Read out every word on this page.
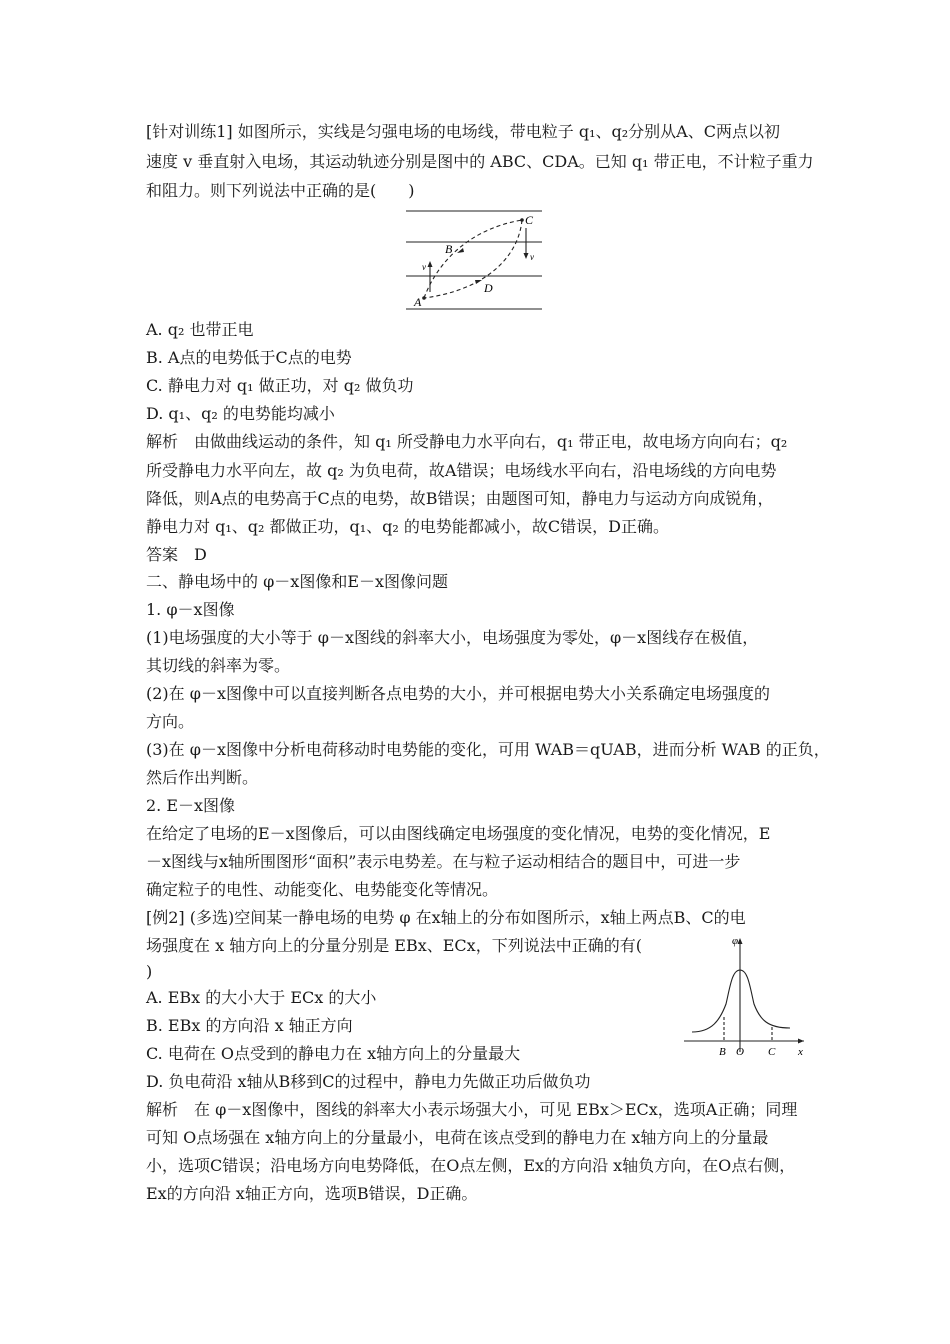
[针对训练1] 如图所示，实线是匀强电场的电场线，带电粒子 q₁、q₂分别从A、C两点以初
速度 v 垂直射入电场，其运动轨迹分别是图中的 ABC、CDA。已知 q₁ 带正电，不计粒子重力
和阻力。则下列说法中正确的是(　　)
C
B
v
v
A
D
A. q₂ 也带正电
B. A点的电势低于C点的电势
C. 静电力对 q₁ 做正功，对 q₂ 做负功
D. q₁、q₂ 的电势能均减小
解析　由做曲线运动的条件，知 q₁ 所受静电力水平向右，q₁ 带正电，故电场方向向右；q₂
所受静电力水平向左，故 q₂ 为负电荷，故A错误；电场线水平向右，沿电场线的方向电势
降低，则A点的电势高于C点的电势，故B错误；由题图可知，静电力与运动方向成锐角，
静电力对 q₁、q₂ 都做正功，q₁、q₂ 的电势能都减小，故C错误，D正确。
答案　D
二、静电场中的 φ－x图像和E－x图像问题
1. φ－x图像
(1)电场强度的大小等于 φ－x图线的斜率大小，电场强度为零处，φ－x图线存在极值，
其切线的斜率为零。
(2)在 φ－x图像中可以直接判断各点电势的大小，并可根据电势大小关系确定电场强度的
方向。
(3)在 φ－x图像中分析电荷移动时电势能的变化，可用 WAB＝qUAB，进而分析 WAB 的正负，
然后作出判断。
2. E－x图像
在给定了电场的E－x图像后，可以由图线确定电场强度的变化情况，电势的变化情况，E
－x图线与x轴所围图形“面积”表示电势差。在与粒子运动相结合的题目中，可进一步
确定粒子的电性、动能变化、电势能变化等情况。
[例2] (多选)空间某一静电场的电势 φ 在x轴上的分布如图所示，x轴上两点B、C的电
场强度在 x 轴方向上的分量分别是 EBx、ECx，下列说法中正确的有(
)
φ
B O C x
A. EBx 的大小大于 ECx 的大小
B. EBx 的方向沿 x 轴正方向
C. 电荷在 O点受到的静电力在 x轴方向上的分量最大
D. 负电荷沿 x轴从B移到C的过程中，静电力先做正功后做负功
解析　在 φ－x图像中，图线的斜率大小表示场强大小，可见 EBx＞ECx，选项A正确；同理
可知 O点场强在 x轴方向上的分量最小，电荷在该点受到的静电力在 x轴方向上的分量最
小，选项C错误；沿电场方向电势降低，在O点左侧，Ex的方向沿 x轴负方向，在O点右侧，
Ex的方向沿 x轴正方向，选项B错误，D正确。
